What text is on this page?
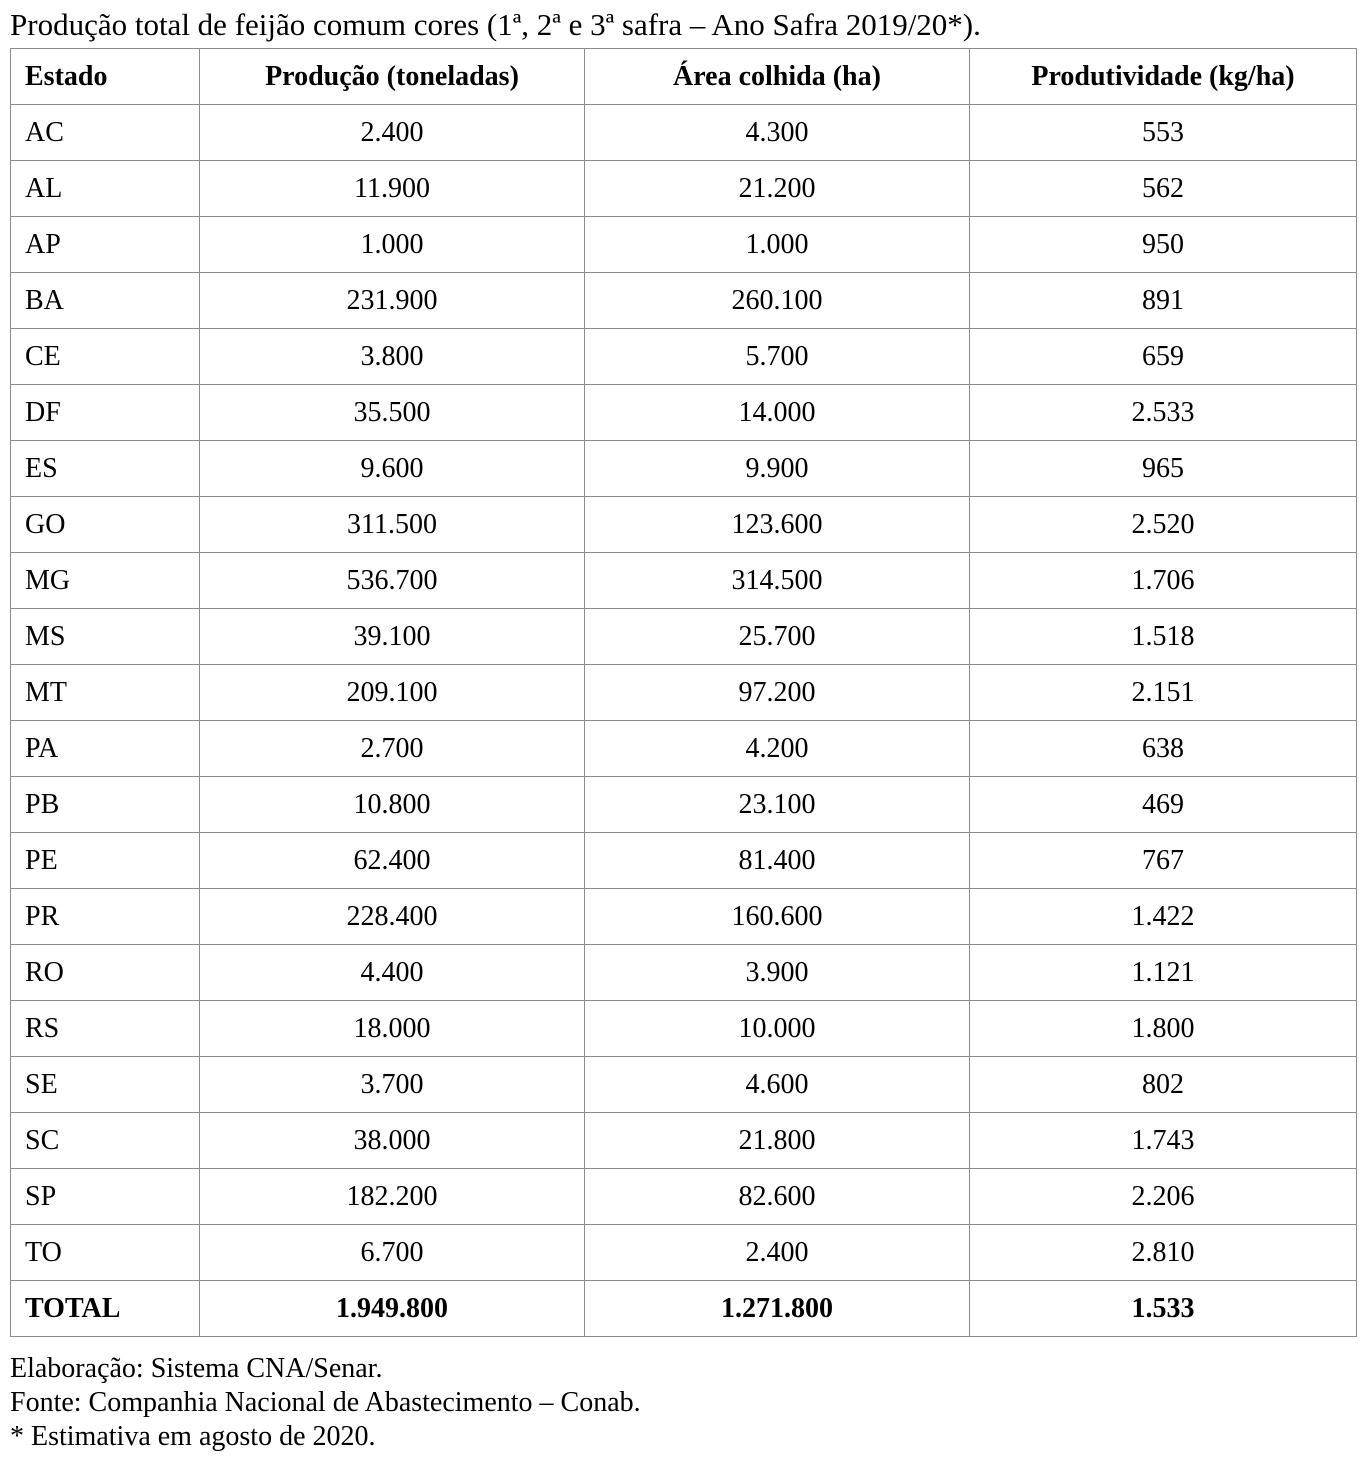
Produção total de feijão comum cores (1ª, 2ª e 3ª safra – Ano Safra 2019/20*).
Estado	Produção (toneladas)	Área colhida (ha)	Produtividade (kg/ha)
AC	2.400	4.300	553
AL	11.900	21.200	562
AP	1.000	1.000	950
BA	231.900	260.100	891
CE	3.800	5.700	659
DF	35.500	14.000	2.533
ES	9.600	9.900	965
GO	311.500	123.600	2.520
MG	536.700	314.500	1.706
MS	39.100	25.700	1.518
MT	209.100	97.200	2.151
PA	2.700	4.200	638
PB	10.800	23.100	469
PE	62.400	81.400	767
PR	228.400	160.600	1.422
RO	4.400	3.900	1.121
RS	18.000	10.000	1.800
SE	3.700	4.600	802
SC	38.000	21.800	1.743
SP	182.200	82.600	2.206
TO	6.700	2.400	2.810
TOTAL	1.949.800	1.271.800	1.533
Elaboração: Sistema CNA/Senar.
Fonte: Companhia Nacional de Abastecimento – Conab.
* Estimativa em agosto de 2020.
